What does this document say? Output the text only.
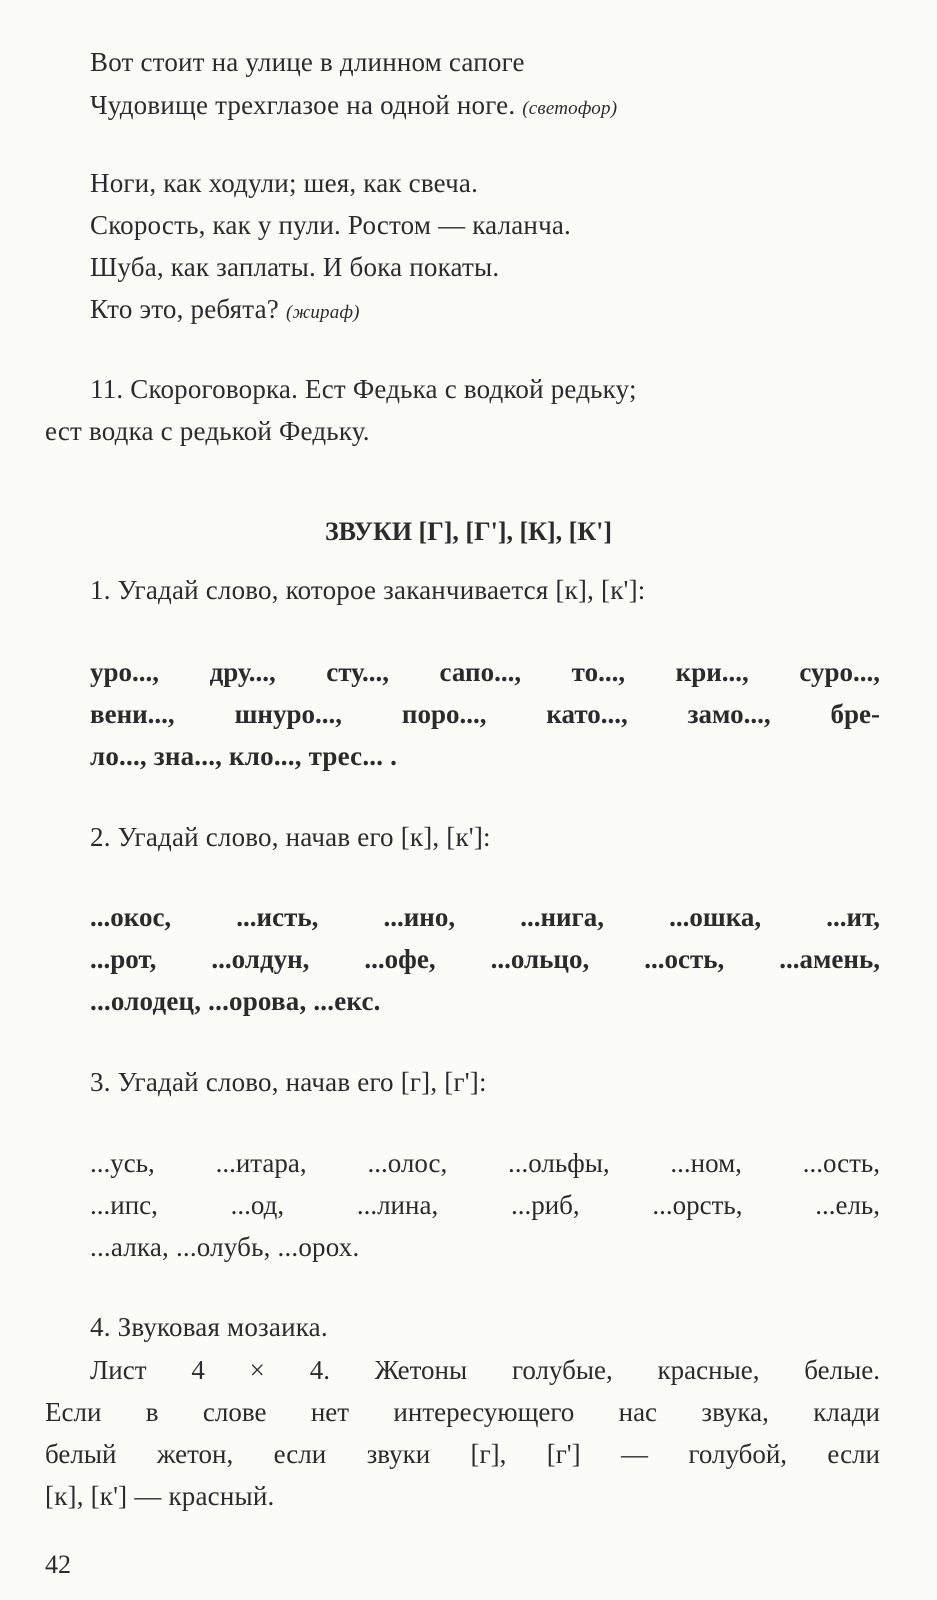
Вот стоит на улице в длинном сапоге
Чудовище трехглазое на одной ноге. (светофор)
Ноги, как ходули; шея, как свеча.
Скорость, как у пули. Ростом — каланча.
Шуба, как заплаты. И бока покаты.
Кто это, ребята? (жираф)
11. Скороговорка. Ест Федька с водкой редьку;
ест водка с редькой Федьку.
ЗВУКИ [Г], [Г'], [К], [К']
1. Угадай слово, которое заканчивается [к], [к']:
уро..., дру..., сту..., сапо..., то..., кри..., суро...,
вени..., шнуро..., поро..., като..., замо..., бре-
ло..., зна..., кло..., трес... .
2. Угадай слово, начав его [к], [к']:
...окос, ...исть, ...ино, ...нига, ...ошка, ...ит,
...рот, ...олдун, ...офе, ...ольцо, ...ость, ...амень,
...олодец, ...орова, ...екс.
3. Угадай слово, начав его [г], [г']:
...усь, ...итара, ...олос, ...ольфы, ...ном, ...ость,
...ипс, ...од, ...лина, ...риб, ...орсть, ...ель,
...алка, ...олубь, ...орох.
4. Звуковая мозаика.
Лист 4 × 4. Жетоны голубые, красные, белые.
Если в слове нет интересующего нас звука, клади
белый жетон, если звуки [г], [г'] — голубой, если
[к], [к'] — красный.
42
